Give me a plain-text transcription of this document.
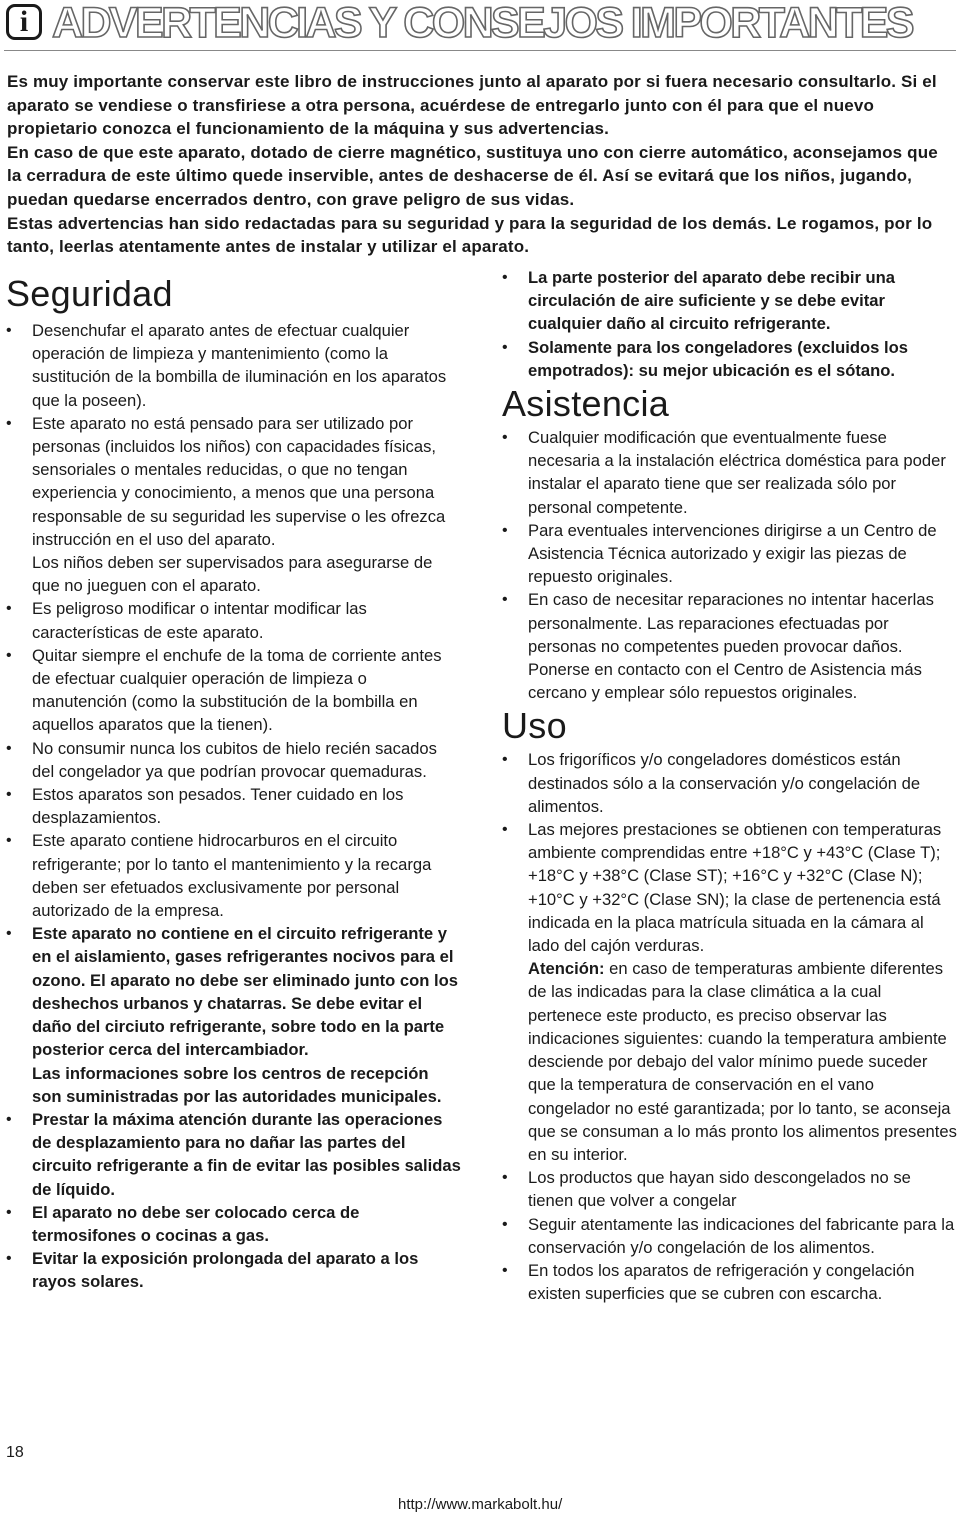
i ADVERTENCIAS Y CONSEJOS IMPORTANTES

Es muy importante conservar este libro de instrucciones junto al aparato por si fuera necesario consultarlo. Si el aparato se vendiese o transfiriese a otra persona, acuérdese de entregarlo junto con él para que el nuevo propietario conozca el funcionamiento de la máquina y sus advertencias.

En caso de que este aparato, dotado de cierre magnético, sustituya uno con cierre automático, aconsejamos que la cerradura de este último quede inservible, antes de deshacerse de él. Así se evitará que los niños, jugando, puedan quedarse encerrados dentro, con grave peligro de sus vidas.

Estas advertencias han sido redactadas para su seguridad y para la seguridad de los demás. Le rogamos, por lo tanto, leerlas atentamente antes de instalar y utilizar el aparato.

Seguridad
• Desenchufar el aparato antes de efectuar cualquier operación de limpieza y mantenimiento (como la sustitución de la bombilla de iluminación en los aparatos que la poseen).
• Este aparato no está pensado para ser utilizado por personas (incluidos los niños) con capacidades físicas, sensoriales o mentales reducidas, o que no tengan experiencia y conocimiento, a menos que una persona responsable de su seguridad les supervise o les ofrezca instrucción en el uso del aparato.
Los niños deben ser supervisados para asegurarse de que no jueguen con el aparato.
• Es peligroso modificar o intentar modificar las características de este aparato.
• Quitar siempre el enchufe de la toma de corriente antes de efectuar cualquier operación de limpieza o manutención (como la substitución de la bombilla en aquellos aparatos que la tienen).
• No consumir nunca los cubitos de hielo recién sacados del congelador ya que podrían provocar quemaduras.
• Estos aparatos son pesados. Tener cuidado en los desplazamientos.
• Este aparato contiene hidrocarburos en el circuito refrigerante; por lo tanto el mantenimiento y la recarga deben ser efetuados exclusivamente por personal autorizado de la empresa.
• Este aparato no contiene en el circuito refrigerante y en el aislamiento, gases refrigerantes nocivos para el ozono. El aparato no debe ser eliminado junto con los deshechos urbanos y chatarras. Se debe evitar el daño del circiuto refrigerante, sobre todo en la parte posterior cerca del intercambiador.
Las informaciones sobre los centros de recepción son suministradas por las autoridades municipales.
• Prestar la máxima atención durante las operaciones de desplazamiento para no dañar las partes del circuito refrigerante a fin de evitar las posibles salidas de líquido.
• El aparato no debe ser colocado cerca de termosifones o cocinas a gas.
• Evitar la exposición prolongada del aparato a los rayos solares.
• La parte posterior del aparato debe recibir una circulación de aire suficiente y se debe evitar cualquier daño al circuito refrigerante.
• Solamente para los congeladores (excluidos los empotrados): su mejor ubicación es el sótano.
Asistencia
• Cualquier modificación que eventualmente fuese necesaria a la instalación eléctrica doméstica para poder instalar el aparato tiene que ser realizada sólo por personal competente.
• Para eventuales intervenciones dirigirse a un Centro de Asistencia Técnica autorizado y exigir las piezas de repuesto originales.
• En caso de necesitar reparaciones no intentar hacerlas personalmente. Las reparaciones efectuadas por personas no competentes pueden provocar daños. Ponerse en contacto con el Centro de Asistencia más cercano y emplear sólo repuestos originales.
Uso
• Los frigoríficos y/o congeladores domésticos están destinados sólo a la conservación y/o congelación de alimentos.
• Las mejores prestaciones se obtienen con temperaturas ambiente comprendidas entre +18°C y +43°C (Clase T); +18°C y +38°C (Clase ST); +16°C y +32°C (Clase N); +10°C y +32°C (Clase SN); la clase de pertenencia está indicada en la placa matrícula situada en la cámara al lado del cajón verduras.
Atención: en caso de temperaturas ambiente diferentes de las indicadas para la clase climática a la cual pertenece este producto, es preciso observar las indicaciones siguientes: cuando la temperatura ambiente desciende por debajo del valor mínimo puede suceder que la temperatura de conservación en el vano congelador no esté garantizada; por lo tanto, se aconseja que se consuman a lo más pronto los alimentos presentes en su interior.
• Los productos que hayan sido descongelados no se tienen que volver a congelar
• Seguir atentamente las indicaciones del fabricante para la conservación y/o congelación de los alimentos.
• En todos los aparatos de refrigeración y congelación existen superficies que se cubren con escarcha.
18
http://www.markabolt.hu/
